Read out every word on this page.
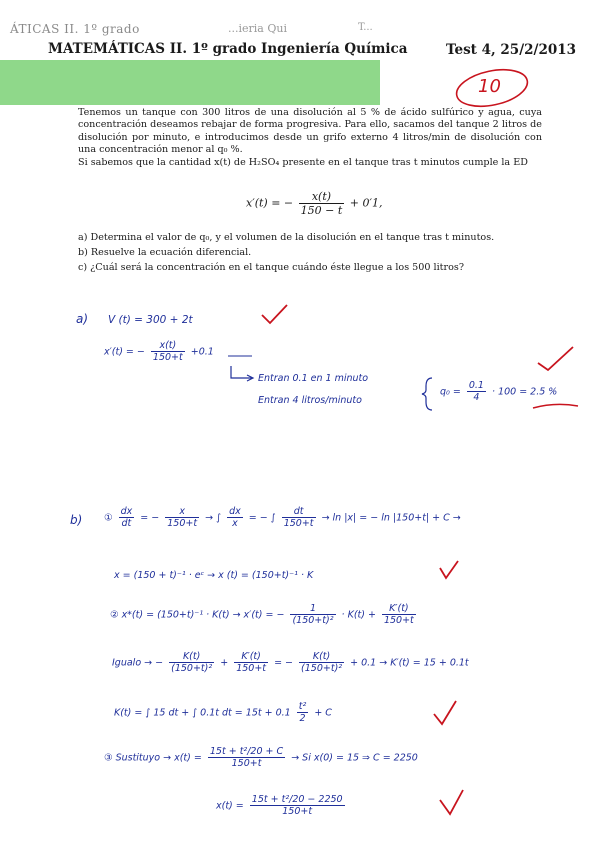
ÁTICAS II. 1º grado	...ieria Qui	T...
MATEMÁTICAS II. 1º grado Ingeniería Química	Test 4, 25/2/2013
10

Tenemos un tanque con 300 litros de una disolución al 5 % de ácido sulfúrico y agua, cuya concentración deseamos rebajar de forma progresiva. Para ello, sacamos del tanque 2 litros de disolución por minuto, e introducimos desde un grifo externo 4 litros/min de disolución con una concentración menor al q₀ %.

Si sabemos que la cantidad x(t) de H₂SO₄ presente en el tanque tras t minutos cumple la ED

x′(t) = − $\frac{x(t)}{150 - t} + 0'1$,
a) Determina el valor de q₀, y el volumen de la disolución en el tanque tras t minutos.
b) Resuelve la ecuación diferencial.
c) ¿Cuál será la concentración en el tanque cuándo éste llegue a los 500 litros?
a) V (t) = 300 + 2t
x′(t) = − $\frac{x(t)}{150+t} +0.1$
Entran 0.1 en 1 minuto
Entran 4 litros/minuto
$q_0 = \frac{0.1}{4} \cdot 100 = 2.5$ %
b) ① $\frac{dx}{dt}$ = − $\frac{x}{150+t}$ → ∫ $\frac{dx}{x}$ = − ∫ $\frac{dt}{150+t} \to \ln |x|$ = − ln |150+t| + C →
x = (150 + t)⁻¹ · eᶜ → x (t) = (150+t)⁻¹ · K
② x*(t) = (150+t)⁻¹ · K(t) → x′(t) = − $\frac{1}{\text{(150+t)²}} \cdot K(t) + \frac{K'(t)}{150+t}$
Igualo → − $\frac{K(t)}{\text{(150+t)²}} + \frac{K'(t)}{150+t}$ = − $\frac{K(t)}{\text{(150+t)²}} + 0.1 \to K'(t) = 15 + 0.1t$
K(t) = ∫ 15 dt + ∫ 0.1t dt = $15t + 0.1 \frac{\text{t²}}{2} + C$
③ Sustituyo → $x(t) = \frac{\text{15t + t²/20 + C}}{150+t} \to Si$ x(0) = 15 ⇒ C = 2250
$x(t) = \frac{\text{15t + t²/20 − 2250}}{150+t}$
